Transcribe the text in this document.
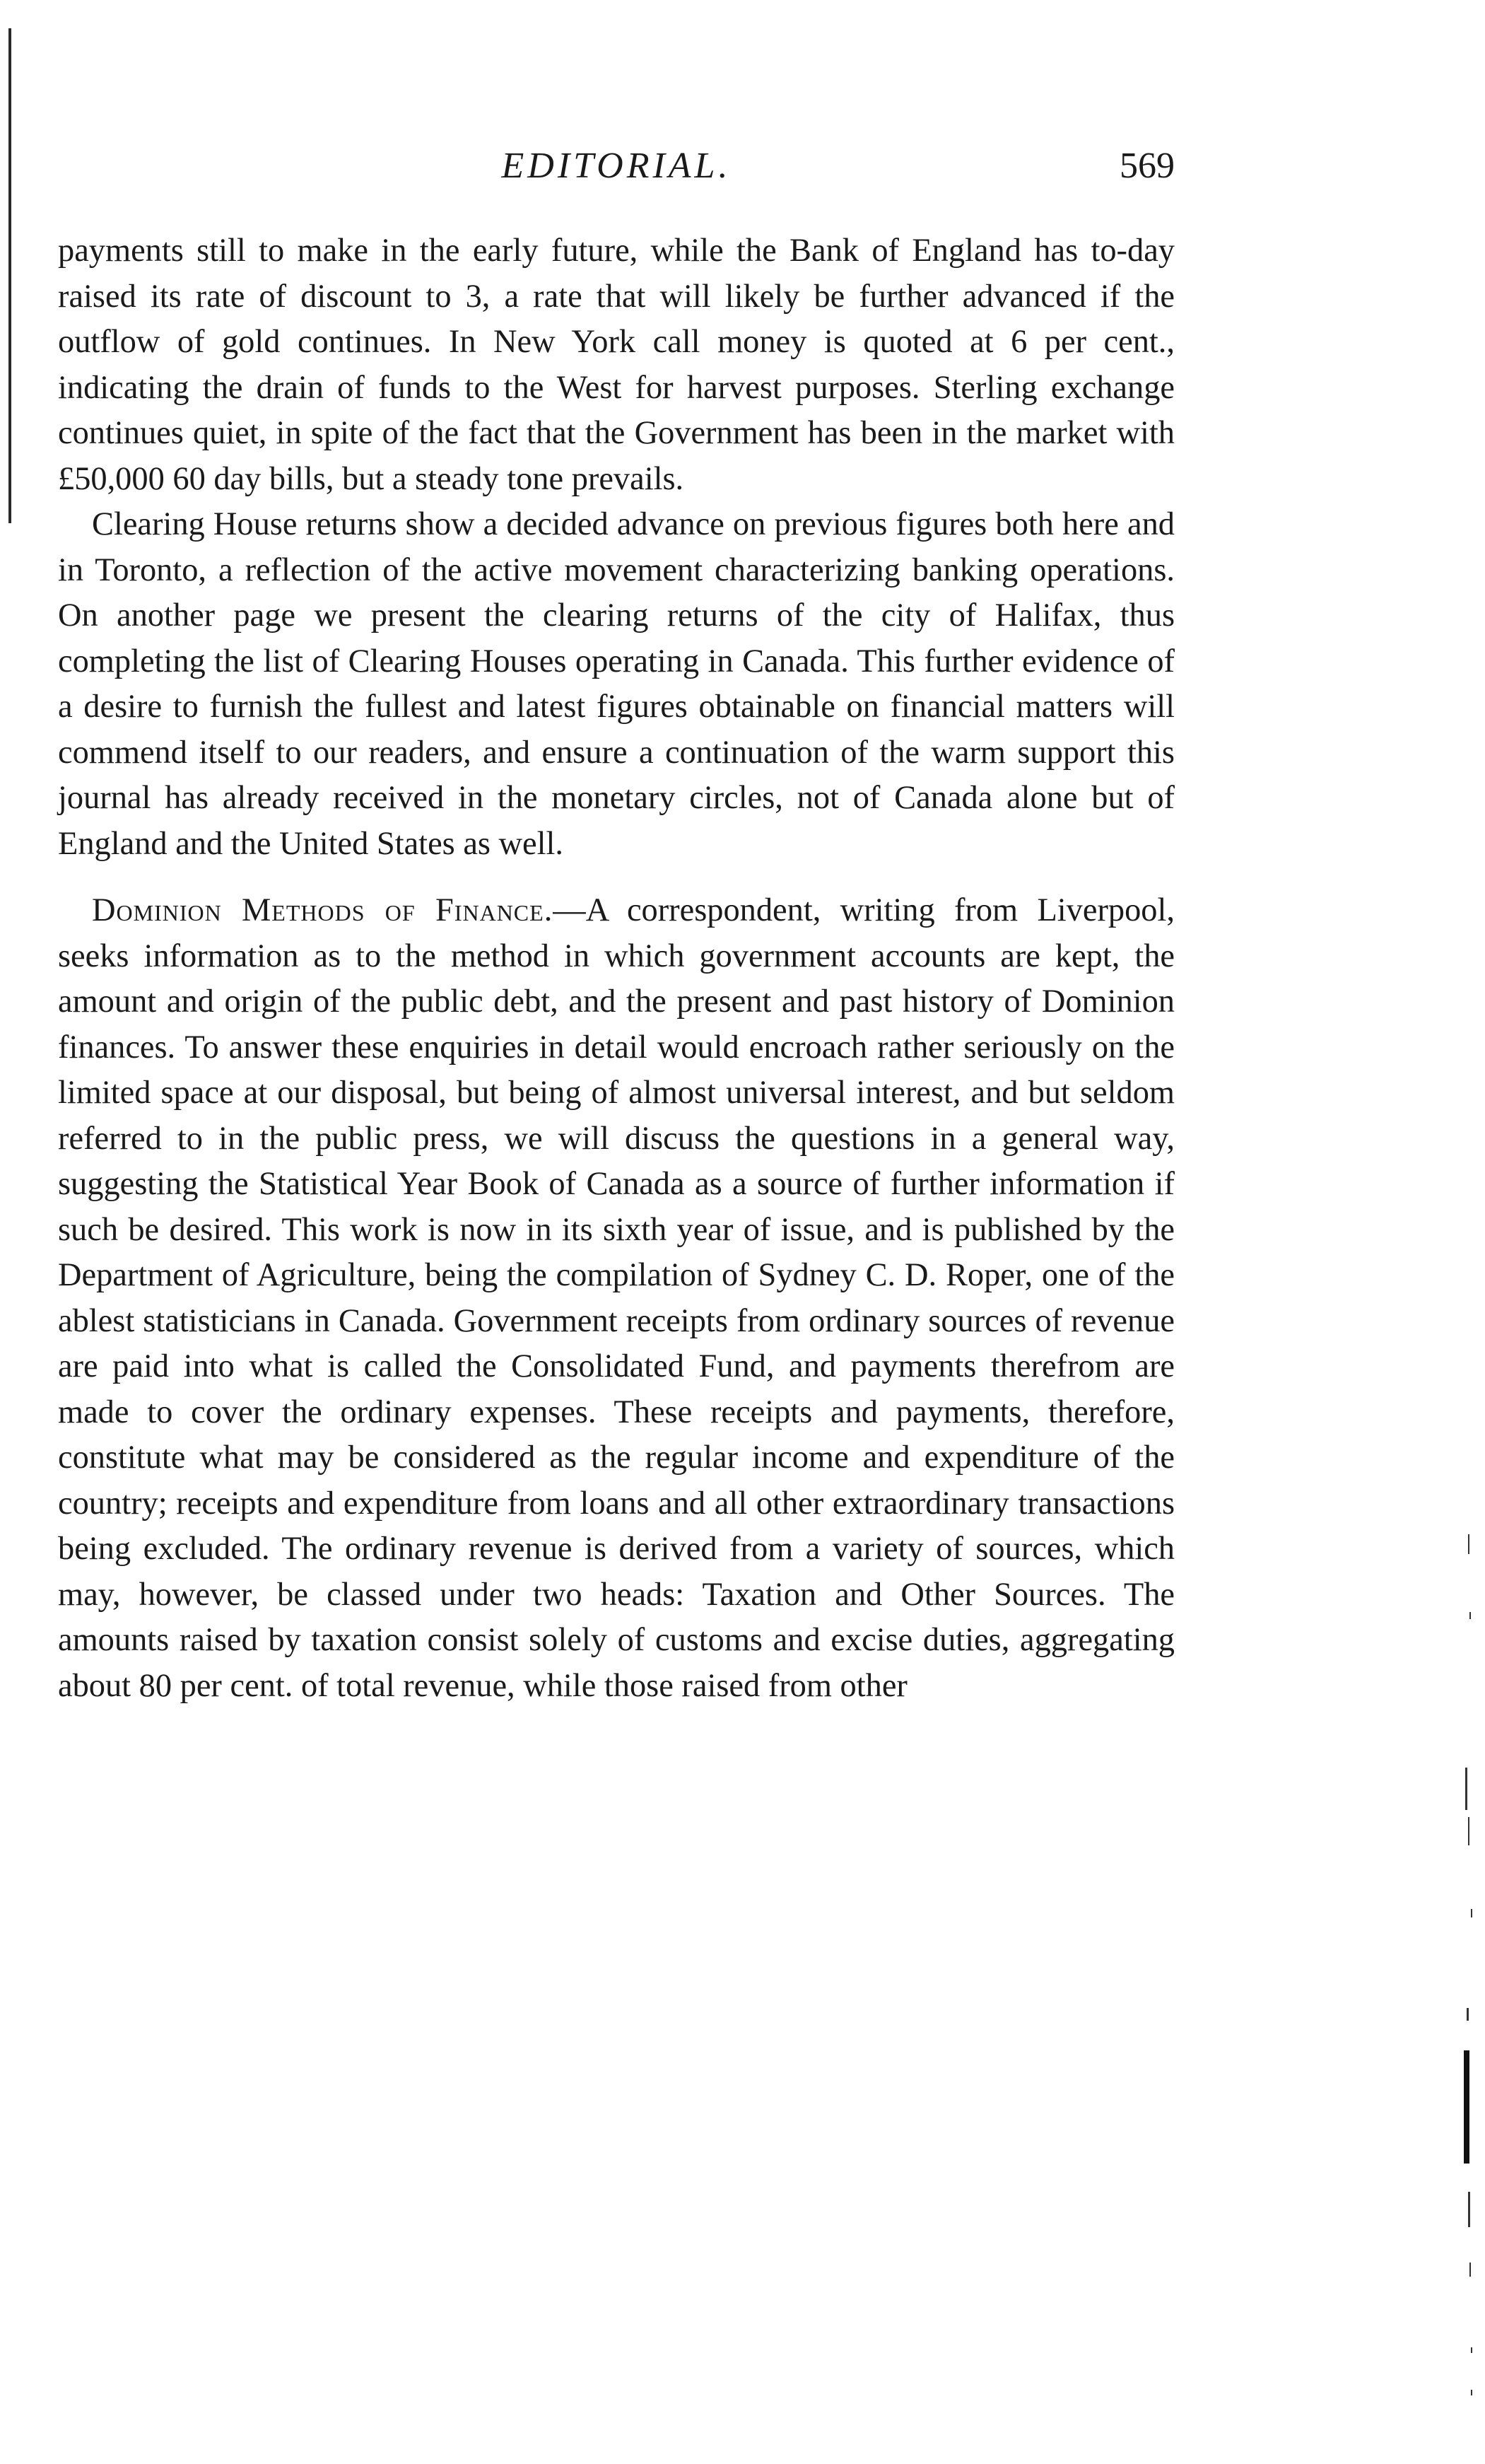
EDITORIAL.	569

payments still to make in the early future, while the Bank of England has to-day raised its rate of discount to 3, a rate that will likely be further advanced if the outflow of gold continues. In New York call money is quoted at 6 per cent., indicating the drain of funds to the West for harvest purposes. Sterling exchange continues quiet, in spite of the fact that the Government has been in the market with £50,000 60 day bills, but a steady tone prevails.

Clearing House returns show a decided advance on previous figures both here and in Toronto, a reflection of the active movement characterizing banking operations. On another page we present the clearing returns of the city of Halifax, thus completing the list of Clearing Houses operating in Canada. This further evidence of a desire to furnish the fullest and latest figures obtainable on financial matters will commend itself to our readers, and ensure a continuation of the warm support this journal has already received in the monetary circles, not of Canada alone but of England and the United States as well.

Dominion Methods of Finance.—A correspondent, writing from Liverpool, seeks information as to the method in which government accounts are kept, the amount and origin of the public debt, and the present and past history of Dominion finances. To answer these enquiries in detail would encroach rather seriously on the limited space at our disposal, but being of almost universal interest, and but seldom referred to in the public press, we will discuss the questions in a general way, suggesting the Statistical Year Book of Canada as a source of further information if such be desired. This work is now in its sixth year of issue, and is published by the Department of Agriculture, being the compilation of Sydney C. D. Roper, one of the ablest statisticians in Canada. Government receipts from ordinary sources of revenue are paid into what is called the Consolidated Fund, and payments therefrom are made to cover the ordinary expenses. These receipts and payments, therefore, constitute what may be considered as the regular income and expenditure of the country; receipts and expenditure from loans and all other extraordinary transactions being excluded. The ordinary revenue is derived from a variety of sources, which may, however, be classed under two heads: Taxation and Other Sources. The amounts raised by taxation consist solely of customs and excise duties, aggregating about 80 per cent. of total revenue, while those raised from other
